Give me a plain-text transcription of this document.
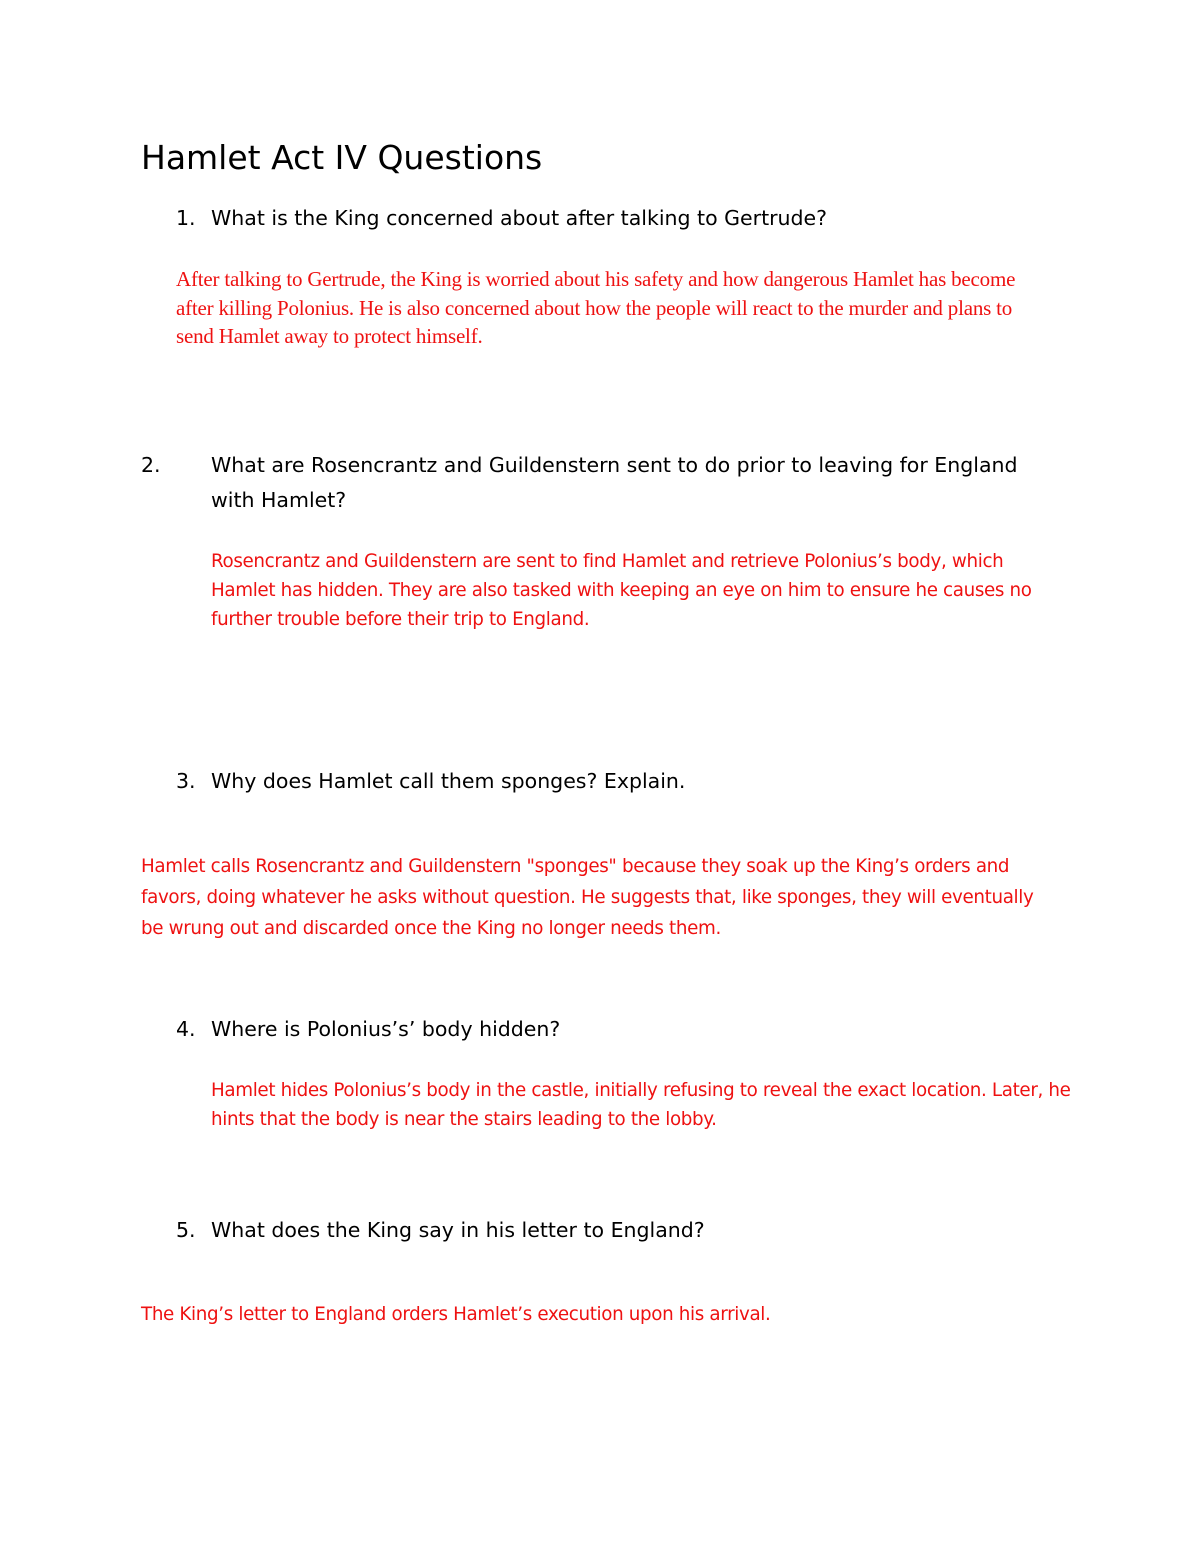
Hamlet Act IV Questions

1. What is the King concerned about after talking to Gertrude?

After talking to Gertrude, the King is worried about his safety and how dangerous Hamlet has become after killing Polonius. He is also concerned about how the people will react to the murder and plans to send Hamlet away to protect himself.

2. What are Rosencrantz and Guildenstern sent to do prior to leaving for England with Hamlet?

Rosencrantz and Guildenstern are sent to find Hamlet and retrieve Polonius’s body, which Hamlet has hidden. They are also tasked with keeping an eye on him to ensure he causes no further trouble before their trip to England.

3. Why does Hamlet call them sponges? Explain.

Hamlet calls Rosencrantz and Guildenstern "sponges" because they soak up the King’s orders and favors, doing whatever he asks without question. He suggests that, like sponges, they will eventually be wrung out and discarded once the King no longer needs them.

4. Where is Polonius’s’ body hidden?

Hamlet hides Polonius’s body in the castle, initially refusing to reveal the exact location. Later, he hints that the body is near the stairs leading to the lobby.

5. What does the King say in his letter to England?

The King’s letter to England orders Hamlet’s execution upon his arrival.
